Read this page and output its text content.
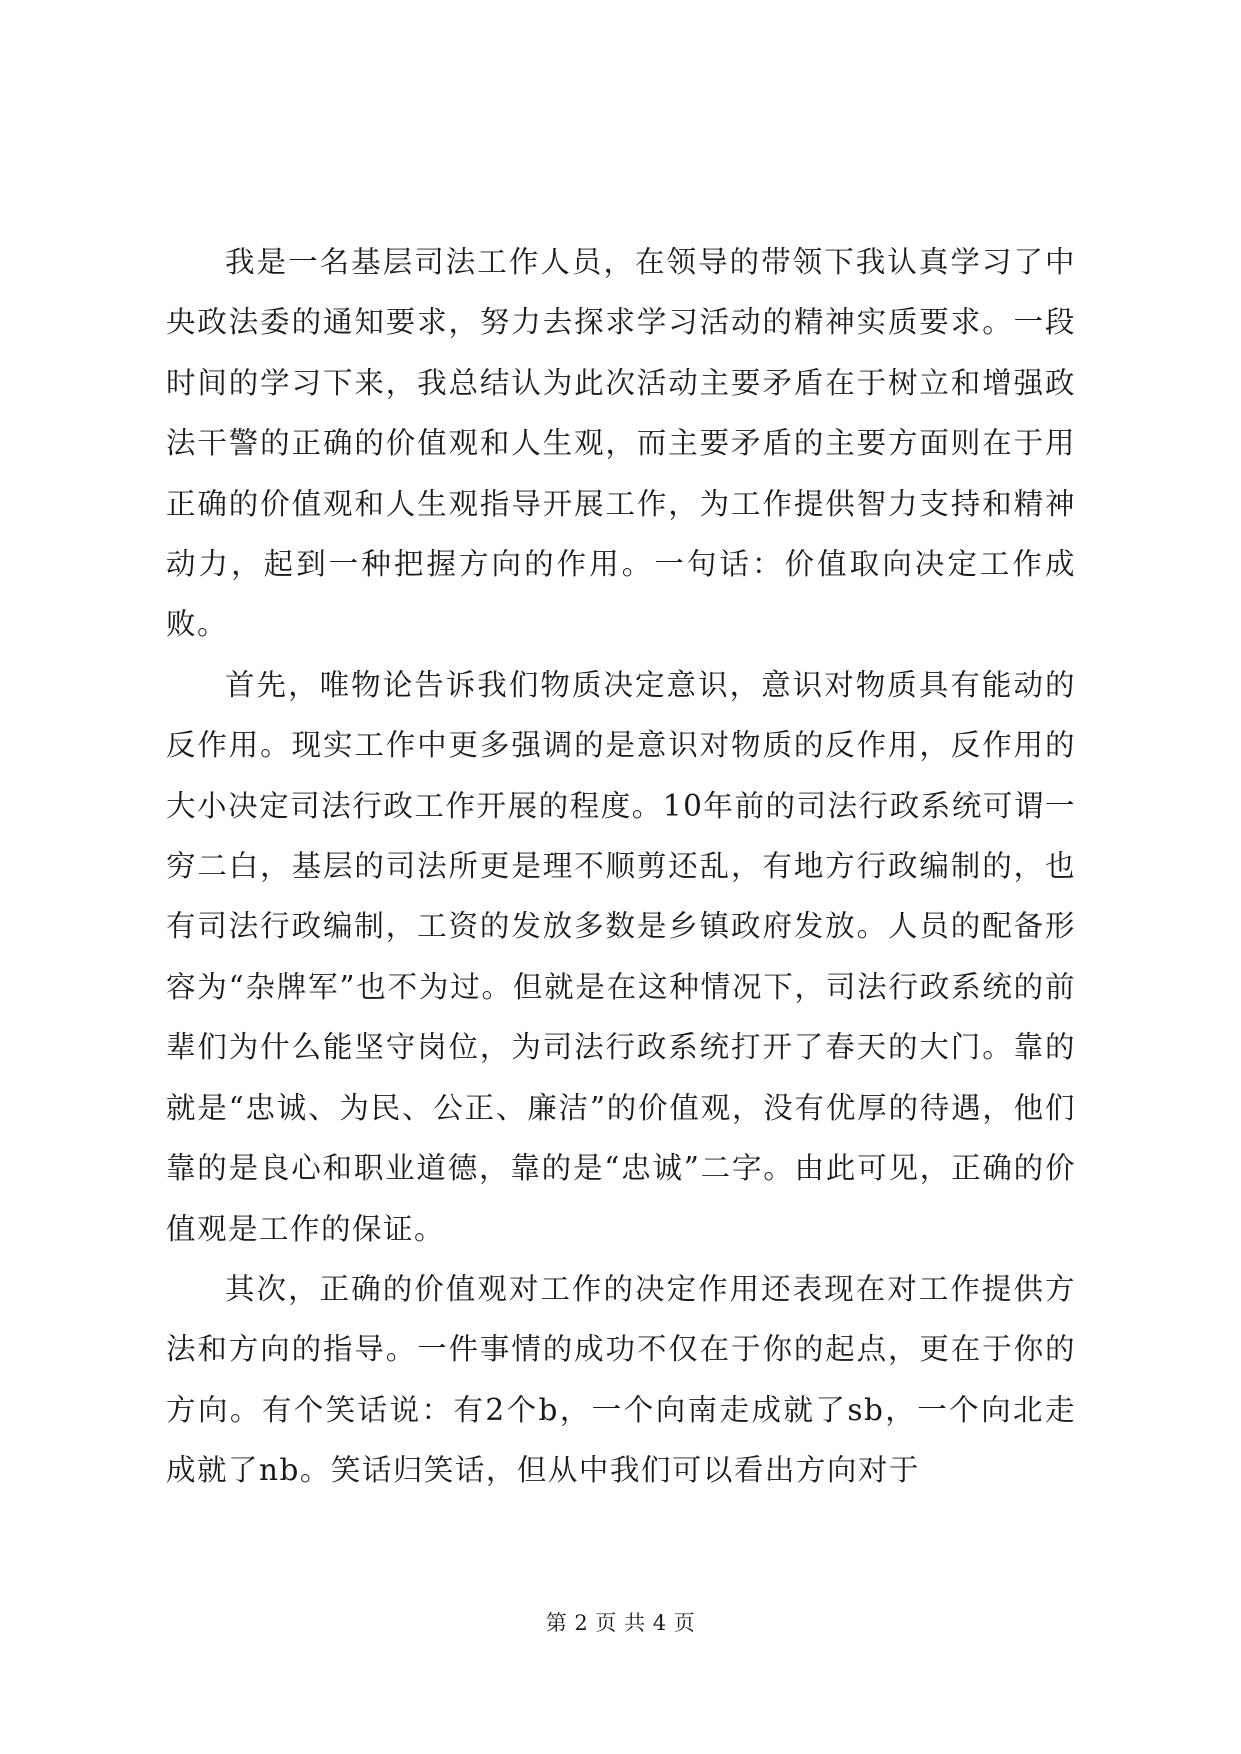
我是一名基层司法工作人员，在领导的带领下我认真学习了中央政法委的通知要求，努力去探求学习活动的精神实质要求。一段时间的学习下来，我总结认为此次活动主要矛盾在于树立和增强政法干警的正确的价值观和人生观，而主要矛盾的主要方面则在于用正确的价值观和人生观指导开展工作，为工作提供智力支持和精神动力，起到一种把握方向的作用。一句话：价值取向决定工作成败。

首先，唯物论告诉我们物质决定意识，意识对物质具有能动的反作用。现实工作中更多强调的是意识对物质的反作用，反作用的大小决定司法行政工作开展的程度。10年前的司法行政系统可谓一穷二白，基层的司法所更是理不顺剪还乱，有地方行政编制的，也有司法行政编制，工资的发放多数是乡镇政府发放。人员的配备形容为“杂牌军”也不为过。但就是在这种情况下，司法行政系统的前辈们为什么能坚守岗位，为司法行政系统打开了春天的大门。靠的就是“忠诚、为民、公正、廉洁”的价值观，没有优厚的待遇，他们靠的是良心和职业道德，靠的是“忠诚”二字。由此可见，正确的价值观是工作的保证。

其次，正确的价值观对工作的决定作用还表现在对工作提供方法和方向的指导。一件事情的成功不仅在于你的起点，更在于你的方向。有个笑话说：有2个b，一个向南走成就了sb，一个向北走成就了nb。笑话归笑话，但从中我们可以看出方向对于

第 2 页 共 4 页
